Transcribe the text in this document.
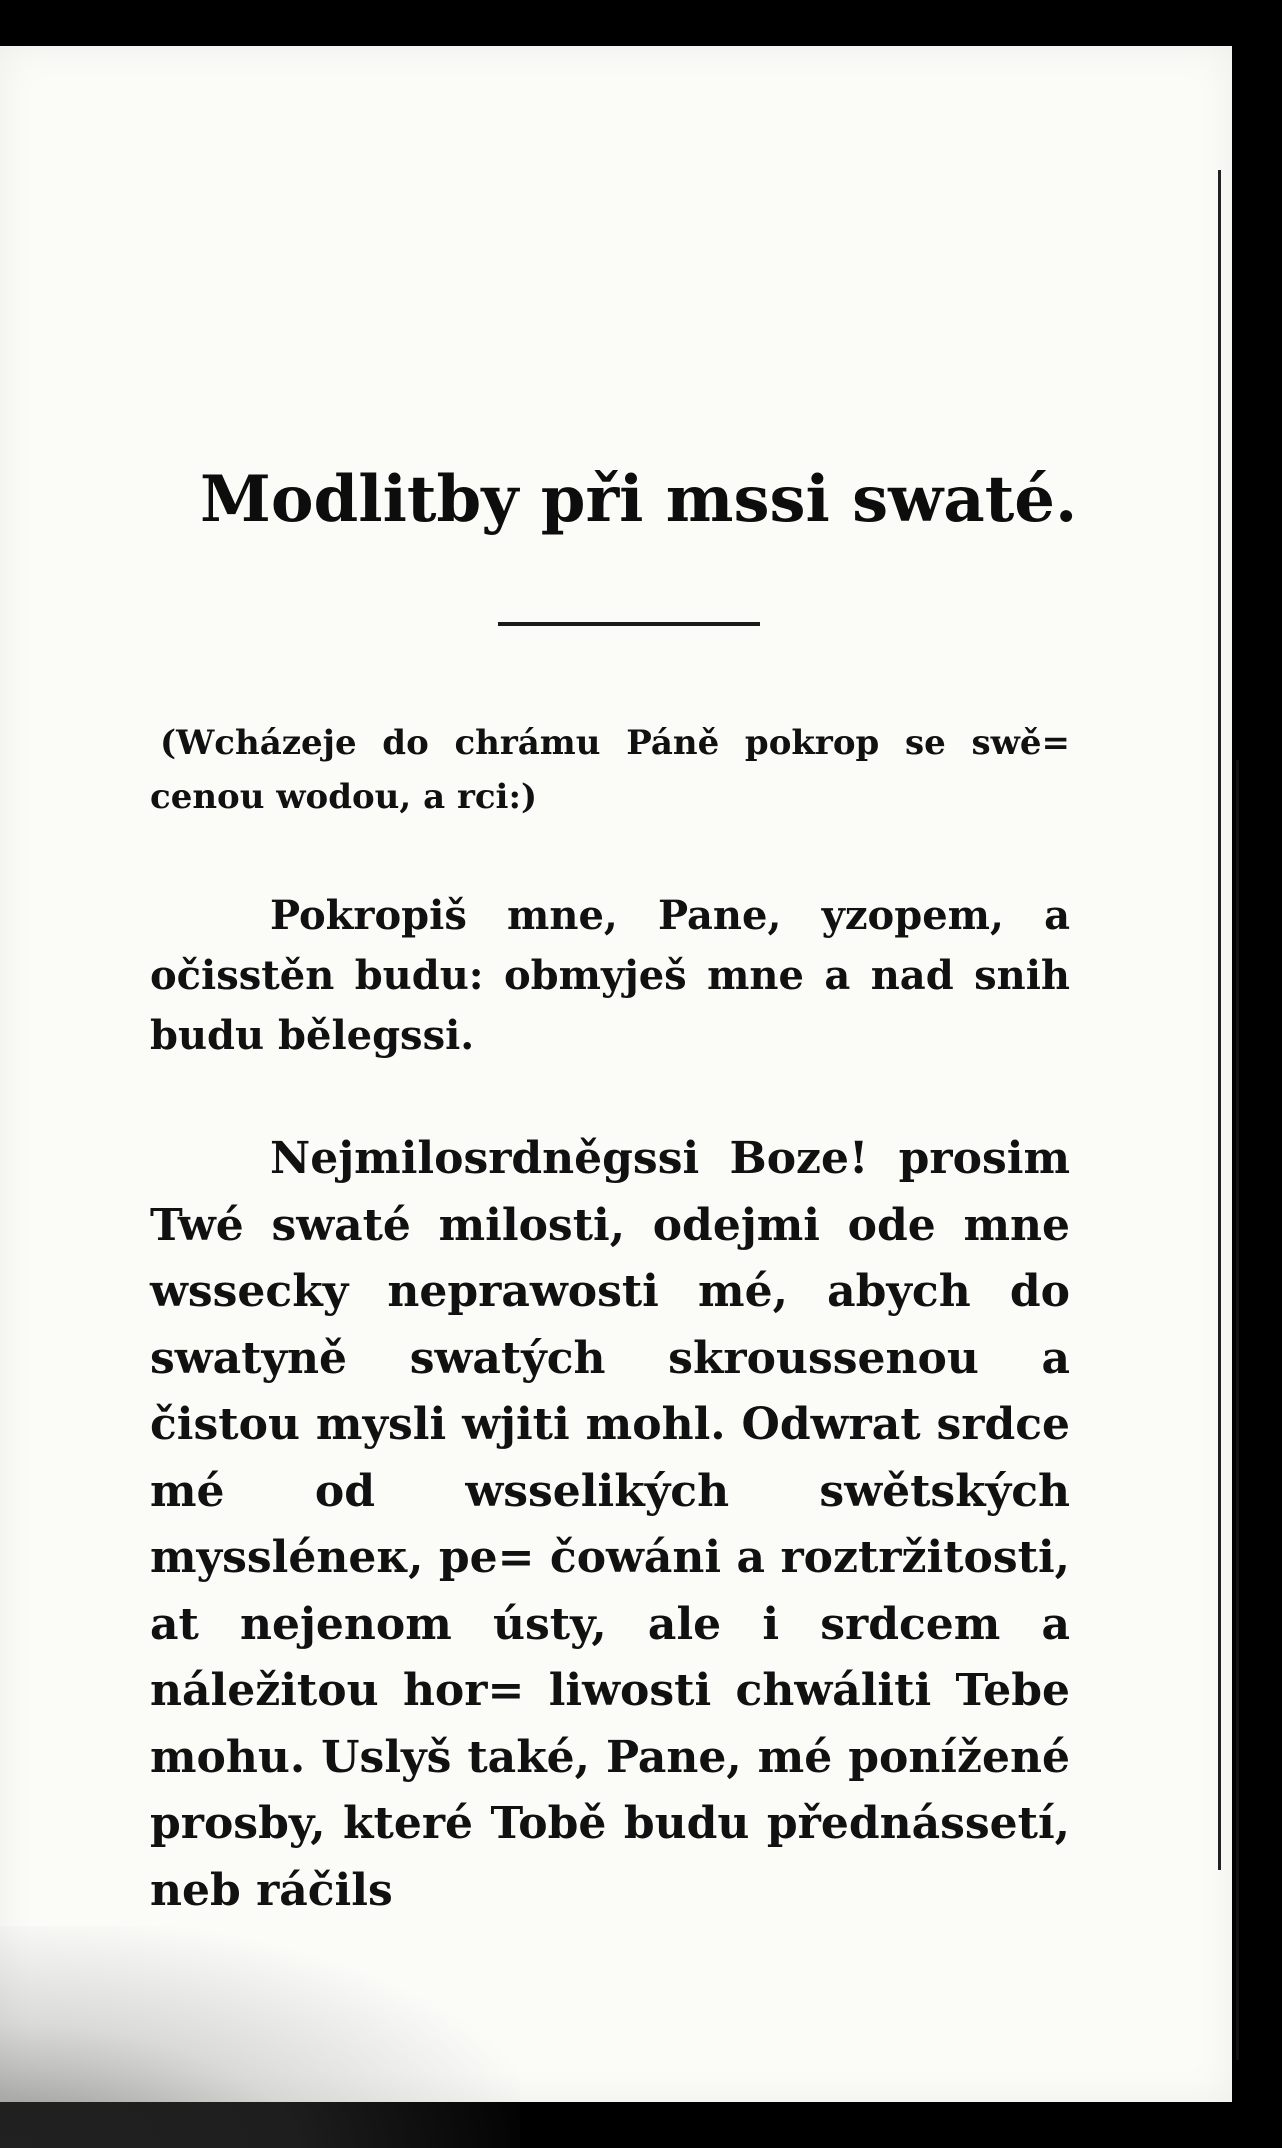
Modlitby při mssi swaté.

(Wcházeje do chrámu Páně pokrop se swě= cenou wodou, a rci:)

Pokropiš mne, Pane, yzopem, a očisstěn budu: obmyješ mne a nad snih budu bělegssi.

Nejmilosrdněgssi Boze! prosim Twé swaté milosti, odejmi ode mne wssecky neprawosti mé, abych do swatyně swatých skroussenou a čistou mysli wjiti mohl. Odwrat srdce mé od wsselikých swětských myssléneк, pe= čowáni a roztržitosti, at nejenom ústy, ale i srdcem a náležitou hor= liwosti chwáliti Tebe mohu. Uslyš také, Pane, mé ponížené prosby, které Tobě budu přednássetí, neb ráčils
